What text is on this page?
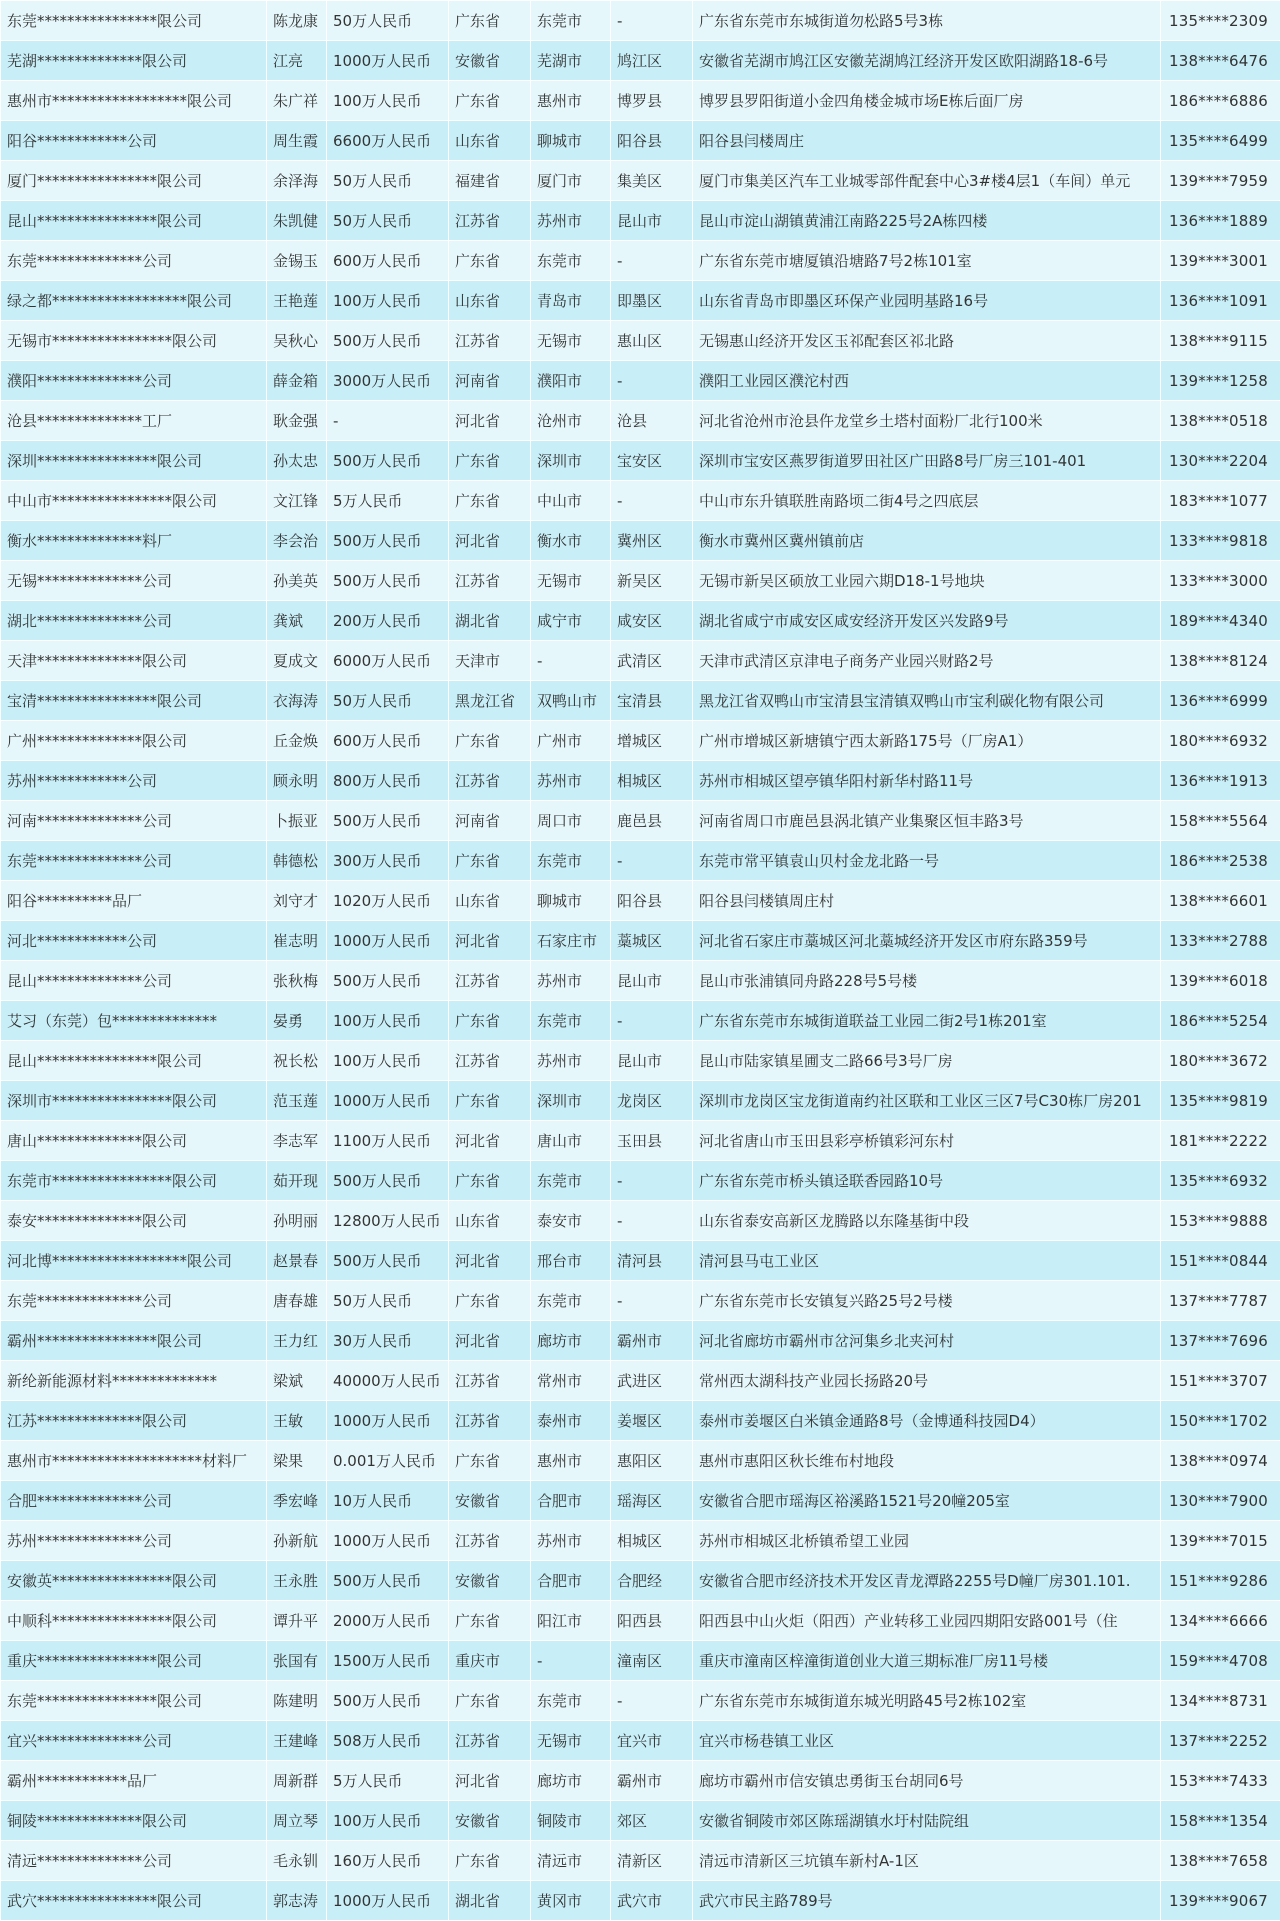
东莞****************限公司	陈龙康	50万人民币	广东省	东莞市	-	广东省东莞市东城街道勿松路5号3栋	135****2309
芜湖**************限公司	江亮	1000万人民币	安徽省	芜湖市	鸠江区	安徽省芜湖市鸠江区安徽芜湖鸠江经济开发区欧阳湖路18-6号	138****6476
惠州市******************限公司	朱广祥	100万人民币	广东省	惠州市	博罗县	博罗县罗阳街道小金四角楼金城市场E栋后面厂房	186****6886
阳谷************公司	周生霞	6600万人民币	山东省	聊城市	阳谷县	阳谷县闫楼周庄	135****6499
厦门****************限公司	余泽海	50万人民币	福建省	厦门市	集美区	厦门市集美区汽车工业城零部件配套中心3#楼4层1（车间）单元	139****7959
昆山****************限公司	朱凯健	50万人民币	江苏省	苏州市	昆山市	昆山市淀山湖镇黄浦江南路225号2A栋四楼	136****1889
东莞**************公司	金锡玉	600万人民币	广东省	东莞市	-	广东省东莞市塘厦镇沿塘路7号2栋101室	139****3001
绿之都******************限公司	王艳莲	100万人民币	山东省	青岛市	即墨区	山东省青岛市即墨区环保产业园明基路16号	136****1091
无锡市****************限公司	吴秋心	500万人民币	江苏省	无锡市	惠山区	无锡惠山经济开发区玉祁配套区祁北路	138****9115
濮阳**************公司	薛金箱	3000万人民币	河南省	濮阳市	-	濮阳工业园区濮沱村西	139****1258
沧县**************工厂	耿金强	-	河北省	沧州市	沧县	河北省沧州市沧县仵龙堂乡土塔村面粉厂北行100米	138****0518
深圳****************限公司	孙太忠	500万人民币	广东省	深圳市	宝安区	深圳市宝安区燕罗街道罗田社区广田路8号厂房三101-401	130****2204
中山市****************限公司	文江锋	5万人民币	广东省	中山市	-	中山市东升镇联胜南路顷二街4号之四底层	183****1077
衡水**************料厂	李会治	500万人民币	河北省	衡水市	冀州区	衡水市冀州区冀州镇前店	133****9818
无锡**************公司	孙美英	500万人民币	江苏省	无锡市	新吴区	无锡市新吴区硕放工业园六期D18-1号地块	133****3000
湖北**************公司	龚斌	200万人民币	湖北省	咸宁市	咸安区	湖北省咸宁市咸安区咸安经济开发区兴发路9号	189****4340
天津**************限公司	夏成文	6000万人民币	天津市	-	武清区	天津市武清区京津电子商务产业园兴财路2号	138****8124
宝清****************限公司	衣海涛	50万人民币	黑龙江省	双鸭山市	宝清县	黑龙江省双鸭山市宝清县宝清镇双鸭山市宝利碳化物有限公司	136****6999
广州**************限公司	丘金焕	600万人民币	广东省	广州市	增城区	广州市增城区新塘镇宁西太新路175号（厂房A1）	180****6932
苏州************公司	顾永明	800万人民币	江苏省	苏州市	相城区	苏州市相城区望亭镇华阳村新华村路11号	136****1913
河南**************公司	卜振亚	500万人民币	河南省	周口市	鹿邑县	河南省周口市鹿邑县涡北镇产业集聚区恒丰路3号	158****5564
东莞**************公司	韩德松	300万人民币	广东省	东莞市	-	东莞市常平镇袁山贝村金龙北路一号	186****2538
阳谷**********品厂	刘守才	1020万人民币	山东省	聊城市	阳谷县	阳谷县闫楼镇周庄村	138****6601
河北************公司	崔志明	1000万人民币	河北省	石家庄市	藁城区	河北省石家庄市藁城区河北藁城经济开发区市府东路359号	133****2788
昆山**************公司	张秋梅	500万人民币	江苏省	苏州市	昆山市	昆山市张浦镇同舟路228号5号楼	139****6018
艾习（东莞）包**************	晏勇	100万人民币	广东省	东莞市	-	广东省东莞市东城街道联益工业园二街2号1栋201室	186****5254
昆山****************限公司	祝长松	100万人民币	江苏省	苏州市	昆山市	昆山市陆家镇星圃支二路66号3号厂房	180****3672
深圳市****************限公司	范玉莲	1000万人民币	广东省	深圳市	龙岗区	深圳市龙岗区宝龙街道南约社区联和工业区三区7号C30栋厂房201	135****9819
唐山**************限公司	李志军	1100万人民币	河北省	唐山市	玉田县	河北省唐山市玉田县彩亭桥镇彩河东村	181****2222
东莞市****************限公司	茹开现	500万人民币	广东省	东莞市	-	广东省东莞市桥头镇迳联香园路10号	135****6932
泰安**************限公司	孙明丽	12800万人民币	山东省	泰安市	-	山东省泰安高新区龙腾路以东隆基街中段	153****9888
河北博******************限公司	赵景春	500万人民币	河北省	邢台市	清河县	清河县马屯工业区	151****0844
东莞**************公司	唐春雄	50万人民币	广东省	东莞市	-	广东省东莞市长安镇复兴路25号2号楼	137****7787
霸州****************限公司	王力红	30万人民币	河北省	廊坊市	霸州市	河北省廊坊市霸州市岔河集乡北夹河村	137****7696
新纶新能源材料**************	梁斌	40000万人民币	江苏省	常州市	武进区	常州西太湖科技产业园长扬路20号	151****3707
江苏**************限公司	王敏	1000万人民币	江苏省	泰州市	姜堰区	泰州市姜堰区白米镇金通路8号（金博通科技园D4）	150****1702
惠州市********************材料厂	梁果	0.001万人民币	广东省	惠州市	惠阳区	惠州市惠阳区秋长维布村地段	138****0974
合肥**************公司	季宏峰	10万人民币	安徽省	合肥市	瑶海区	安徽省合肥市瑶海区裕溪路1521号20幢205室	130****7900
苏州**************公司	孙新航	1000万人民币	江苏省	苏州市	相城区	苏州市相城区北桥镇希望工业园	139****7015
安徽英****************限公司	王永胜	500万人民币	安徽省	合肥市	合肥经	安徽省合肥市经济技术开发区青龙潭路2255号D幢厂房301.101.	151****9286
中顺科****************限公司	谭升平	2000万人民币	广东省	阳江市	阳西县	阳西县中山火炬（阳西）产业转移工业园四期阳安路001号（住	134****6666
重庆****************限公司	张国有	1500万人民币	重庆市	-	潼南区	重庆市潼南区梓潼街道创业大道三期标准厂房11号楼	159****4708
东莞****************限公司	陈建明	500万人民币	广东省	东莞市	-	广东省东莞市东城街道东城光明路45号2栋102室	134****8731
宜兴**************公司	王建峰	508万人民币	江苏省	无锡市	宜兴市	宜兴市杨巷镇工业区	137****2252
霸州************品厂	周新群	5万人民币	河北省	廊坊市	霸州市	廊坊市霸州市信安镇忠勇街玉台胡同6号	153****7433
铜陵**************限公司	周立琴	100万人民币	安徽省	铜陵市	郊区	安徽省铜陵市郊区陈瑶湖镇水圩村陆院组	158****1354
清远**************公司	毛永钏	160万人民币	广东省	清远市	清新区	清远市清新区三坑镇车新村A-1区	138****7658
武穴****************限公司	郭志涛	1000万人民币	湖北省	黄冈市	武穴市	武穴市民主路789号	139****9067
